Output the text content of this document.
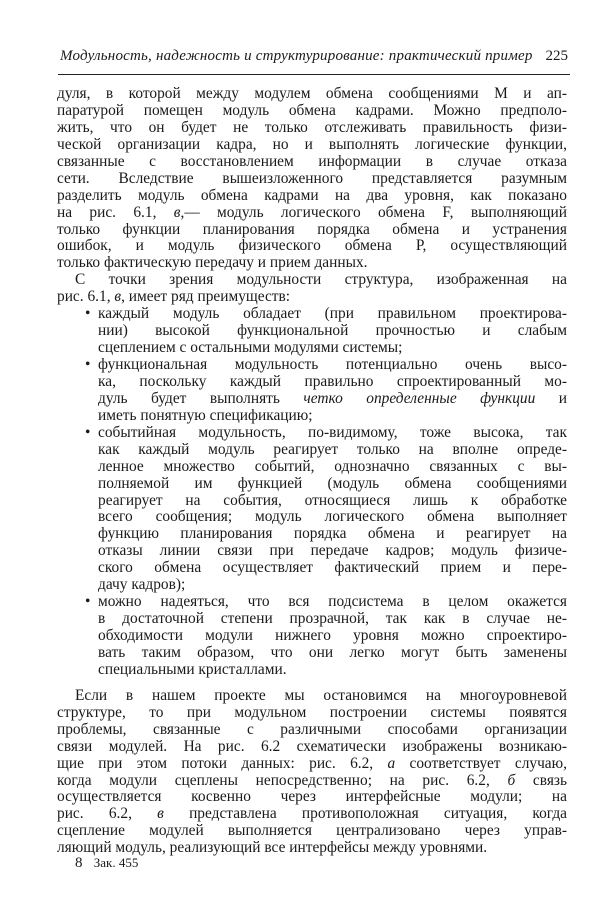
Модульность, надежность и структурирование: практический пример 225
дуля, в которой между модулем обмена сообщениями М и ап-
паратурой помещен модуль обмена кадрами. Можно предполо-
жить, что он будет не только отслеживать правильность физи-
ческой организации кадра, но и выполнять логические функции,
связанные с восстановлением информации в случае отказа
сети. Вследствие вышеизложенного представляется разумным
разделить модуль обмена кадрами на два уровня, как показано
на рис. 6.1, в,— модуль логического обмена F, выполняющий
только функции планирования порядка обмена и устранения
ошибок, и модуль физического обмена Р, осуществляющий
только фактическую передачу и прием данных.
С точки зрения модульности структура, изображенная на
рис. 6.1, в, имеет ряд преимуществ:
• каждый модуль обладает (при правильном проектирова-
нии) высокой функциональной прочностью и слабым
сцеплением с остальными модулями системы;
• функциональная модульность потенциально очень высо-
ка, поскольку каждый правильно спроектированный мо-
дуль будет выполнять четко определенные функции и
иметь понятную спецификацию;
• событийная модульность, по-видимому, тоже высока, так
как каждый модуль реагирует только на вполне опреде-
ленное множество событий, однозначно связанных с вы-
полняемой им функцией (модуль обмена сообщениями
реагирует на события, относящиеся лишь к обработке
всего сообщения; модуль логического обмена выполняет
функцию планирования порядка обмена и реагирует на
отказы линии связи при передаче кадров; модуль физиче-
ского обмена осуществляет фактический прием и пере-
дачу кадров);
• можно надеяться, что вся подсистема в целом окажется
в достаточной степени прозрачной, так как в случае не-
обходимости модули нижнего уровня можно спроектиро-
вать таким образом, что они легко могут быть заменены
специальными кристаллами.
Если в нашем проекте мы остановимся на многоуровневой
структуре, то при модульном построении системы появятся
проблемы, связанные с различными способами организации
связи модулей. На рис. 6.2 схематически изображены возникаю-
щие при этом потоки данных: рис. 6.2, а соответствует случаю,
когда модули сцеплены непосредственно; на рис. 6.2, б связь
осуществляется косвенно через интерфейсные модули; на
рис. 6.2, в представлена противоположная ситуация, когда
сцепление модулей выполняется централизовано через управ-
ляющий модуль, реализующий все интерфейсы между уровнями.
8 Зак. 455
